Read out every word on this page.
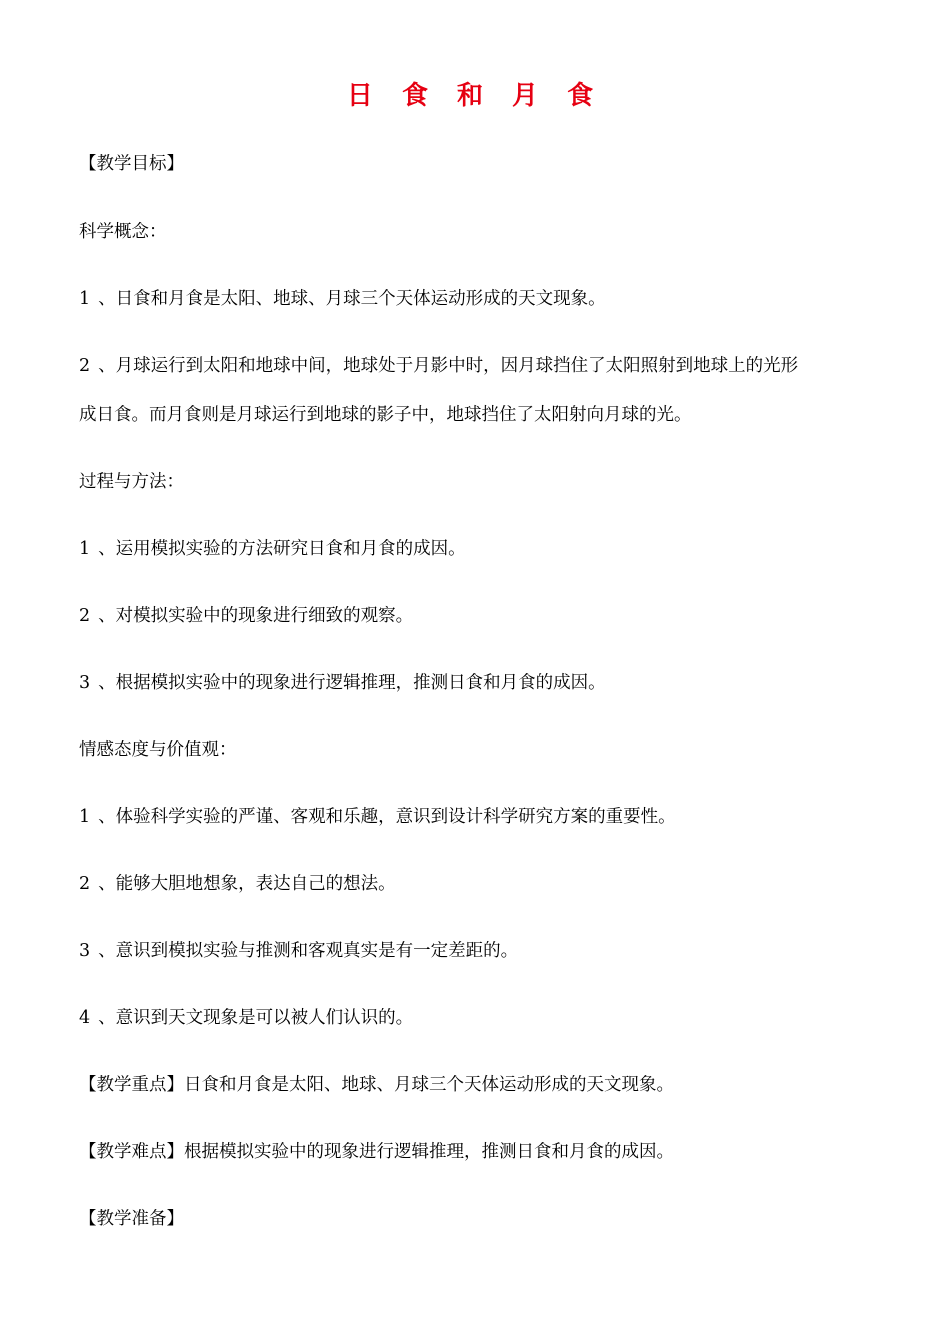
日 食 和 月 食
【教学目标】
科学概念：
1 、日食和月食是太阳、地球、月球三个天体运动形成的天文现象。
2 、月球运行到太阳和地球中间，地球处于月影中时，因月球挡住了太阳照射到地球上的光形
成日食。而月食则是月球运行到地球的影子中，地球挡住了太阳射向月球的光。
过程与方法：
1 、运用模拟实验的方法研究日食和月食的成因。
2 、对模拟实验中的现象进行细致的观察。
3 、根据模拟实验中的现象进行逻辑推理，推测日食和月食的成因。
情感态度与价值观：
1 、体验科学实验的严谨、客观和乐趣，意识到设计科学研究方案的重要性。
2 、能够大胆地想象，表达自己的想法。
3 、意识到模拟实验与推测和客观真实是有一定差距的。
4 、意识到天文现象是可以被人们认识的。
【教学重点】日食和月食是太阳、地球、月球三个天体运动形成的天文现象。
【教学难点】根据模拟实验中的现象进行逻辑推理，推测日食和月食的成因。
【教学准备】
